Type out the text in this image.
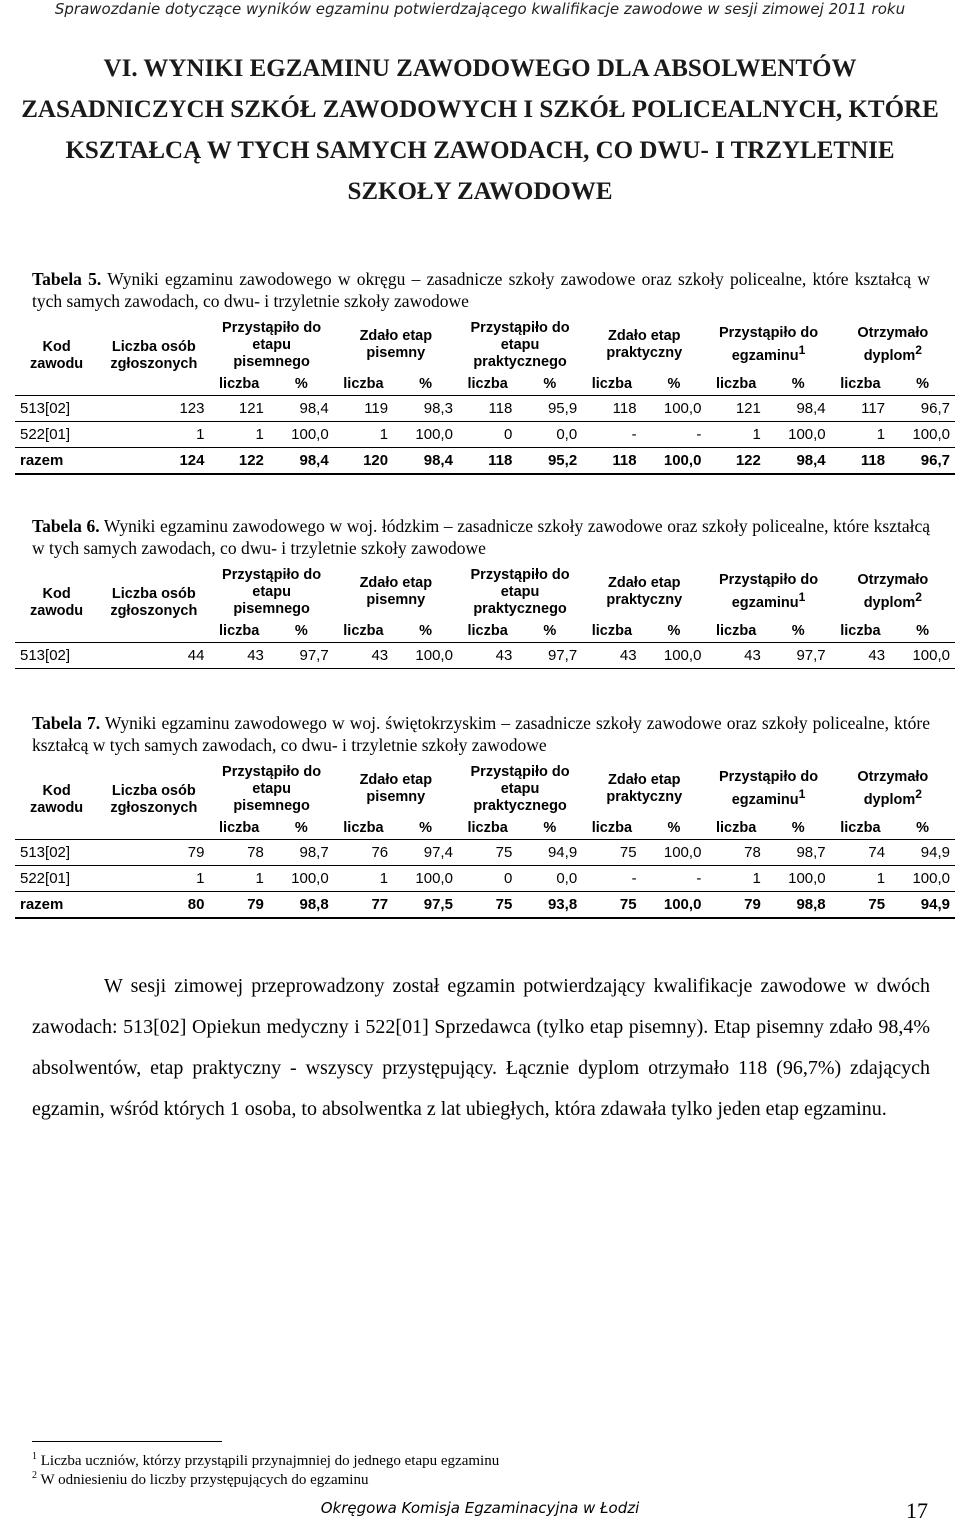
Sprawozdanie dotyczące wyników egzaminu potwierdzającego kwalifikacje zawodowe w sesji zimowej 2011 roku
VI. WYNIKI EGZAMINU ZAWODOWEGO DLA ABSOLWENTÓW ZASADNICZYCH SZKÓŁ ZAWODOWYCH I SZKÓŁ POLICEALNYCH, KTÓRE KSZTAŁCĄ W TYCH SAMYCH ZAWODACH, CO DWU- I TRZYLETNIE SZKOŁY ZAWODOWE
Tabela 5. Wyniki egzaminu zawodowego w okręgu – zasadnicze szkoły zawodowe oraz szkoły policealne, które kształcą w tych samych zawodach, co dwu- i trzyletnie szkoły zawodowe
Kod zawodu	Liczba osób zgłoszonych	Przystąpiło do etapu pisemnego		Zdało etap pisemny		Przystąpiło do etapu praktycznego		Zdało etap praktyczny		Przystąpiło do egzaminu$^1$		Otrzymało dyplom$^2$
		liczba	%	liczba	%	liczba	%	liczba	%	liczba	%	liczba	%
513[02]	123	121	98,4	119	98,3	118	95,9	118	100,0	121	98,4	117	96,7
522[01]	1	1	100,0	1	100,0	0	0,0	-	-	1	100,0	1	100,0
razem	124	122	98,4	120	98,4	118	95,2	118	100,0	122	98,4	118	96,7
Tabela 6. Wyniki egzaminu zawodowego w woj. łódzkim – zasadnicze szkoły zawodowe oraz szkoły policealne, które kształcą w tych samych zawodach, co dwu- i trzyletnie szkoły zawodowe
Kod zawodu	Liczba osób zgłoszonych	Przystąpiło do etapu pisemnego		Zdało etap pisemny		Przystąpiło do etapu praktycznego		Zdało etap praktyczny		Przystąpiło do egzaminu$^1$		Otrzymało dyplom$^2$
		liczba	%	liczba	%	liczba	%	liczba	%	liczba	%	liczba	%
513[02]	44	43	97,7	43	100,0	43	97,7	43	100,0	43	97,7	43	100,0
Tabela 7. Wyniki egzaminu zawodowego w woj. świętokrzyskim – zasadnicze szkoły zawodowe oraz szkoły policealne, które kształcą w tych samych zawodach, co dwu- i trzyletnie szkoły zawodowe
Kod zawodu	Liczba osób zgłoszonych	Przystąpiło do etapu pisemnego		Zdało etap pisemny		Przystąpiło do etapu praktycznego		Zdało etap praktyczny		Przystąpiło do egzaminu$^1$		Otrzymało dyplom$^2$
		liczba	%	liczba	%	liczba	%	liczba	%	liczba	%	liczba	%
513[02]	79	78	98,7	76	97,4	75	94,9	75	100,0	78	98,7	74	94,9
522[01]	1	1	100,0	1	100,0	0	0,0	-	-	1	100,0	1	100,0
razem	80	79	98,8	77	97,5	75	93,8	75	100,0	79	98,8	75	94,9

W sesji zimowej przeprowadzony został egzamin potwierdzający kwalifikacje zawodowe w dwóch zawodach: 513[02] Opiekun medyczny i 522[01] Sprzedawca (tylko etap pisemny). Etap pisemny zdało 98,4% absolwentów, etap praktyczny - wszyscy przystępujący. Łącznie dyplom otrzymało 118 (96,7%) zdających egzamin, wśród których 1 osoba, to absolwentka z lat ubiegłych, która zdawała tylko jeden etap egzaminu.

$^1$ Liczba uczniów, którzy przystąpili przynajmniej do jednego etapu egzaminu
$^2$ W odniesieniu do liczby przystępujących do egzaminu
Okręgowa Komisja Egzaminacyjna w Łodzi	17
